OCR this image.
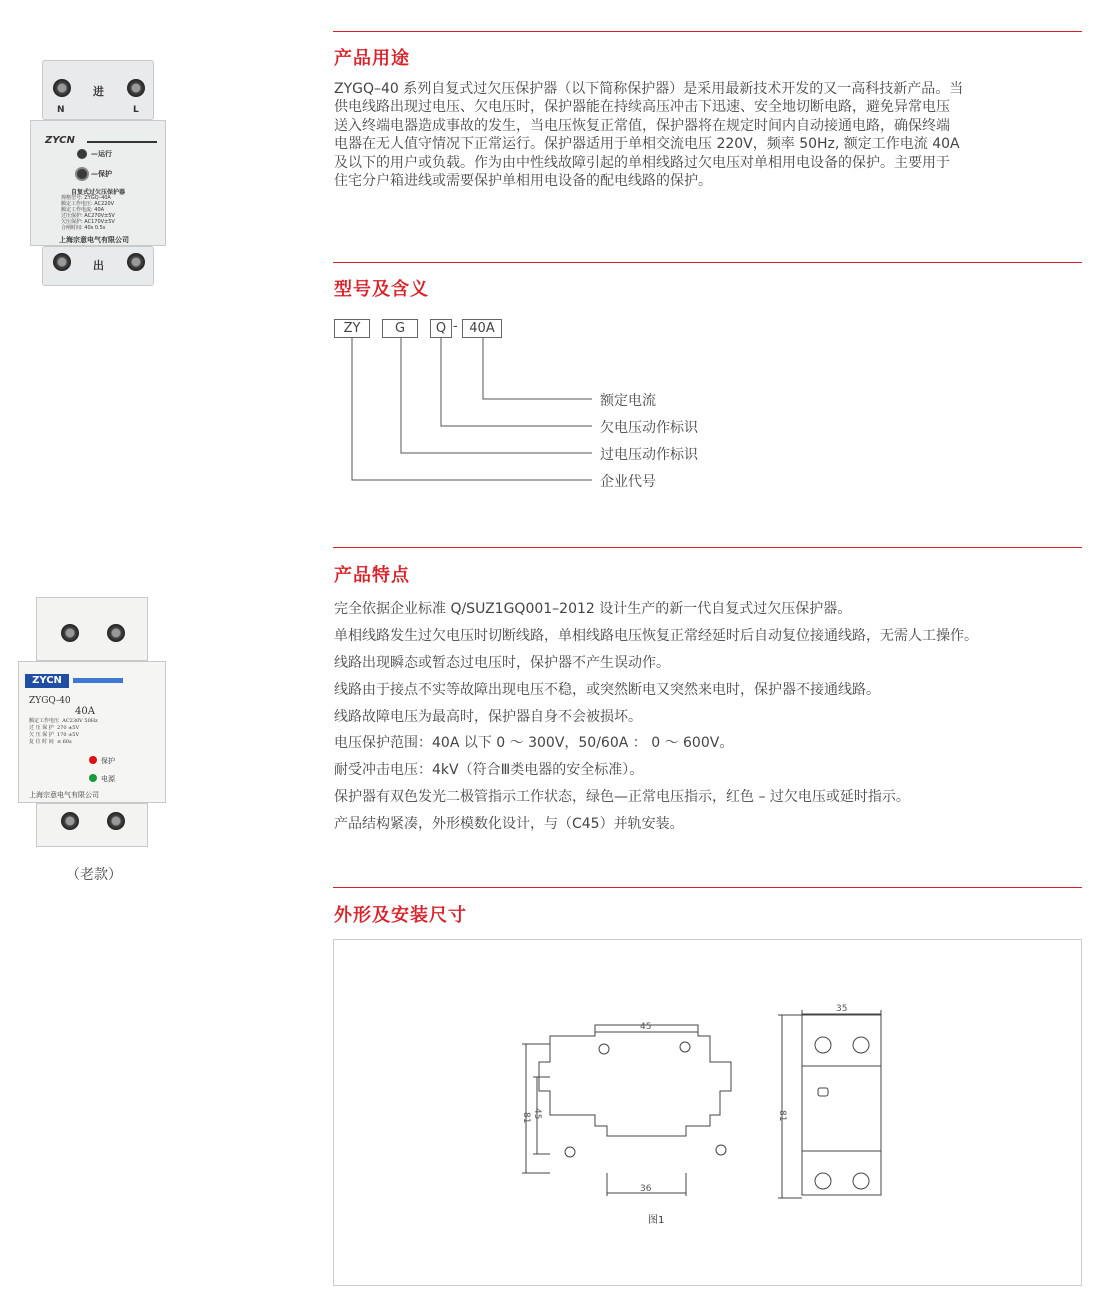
进
N	L
ZYCN
—运行
—保护
自复式过欠压保护器
规格型号: ZYGQ–40A
额定工作电压: AC220V
额定工作电流: 40A
过压保护: AC270V±5V
欠压保护: AC170V±5V
合闸时间: 40s 0.5s
上海宗意电气有限公司
出
ZYCN
ZYGQ-40
40A
额定工作电压 AC230V 50Hz
过 压 保 护 270 ±5V
欠 压 保 护 170 ±5V
复 位 时 间 ≤ 60s
保护
电源
上海宗意电气有限公司
（老款）
产品用途
ZYGQ–40 系列自复式过欠压保护器（以下简称保护器）是采用最新技术开发的又一高科技新产品。当
供电线路出现过电压、欠电压时，保护器能在持续高压冲击下迅速、安全地切断电路，避免异常电压
送入终端电器造成事故的发生，当电压恢复正常值，保护器将在规定时间内自动接通电路，确保终端
电器在无人值守情况下正常运行。保护器适用于单相交流电压 220V，频率 50Hz, 额定工作电流 40A
及以下的用户或负载。作为由中性线故障引起的单相线路过欠电压对单相用电设备的保护。主要用于
住宅分户箱进线或需要保护单相用电设备的配电线路的保护。
型号及含义
ZY	G	Q - 40A
额定电流
欠电压动作标识
过电压动作标识
企业代号
产品特点
完全依据企业标准 Q/SUZ1GQ001–2012 设计生产的新一代自复式过欠压保护器。
单相线路发生过欠电压时切断线路，单相线路电压恢复正常经延时后自动复位接通线路，无需人工操作。
线路出现瞬态或暂态过电压时，保护器不产生误动作。
线路由于接点不实等故障出现电压不稳，或突然断电又突然来电时，保护器不接通线路。
线路故障电压为最高时，保护器自身不会被损坏。
电压保护范围：40A 以下 0 ～ 300V，50/60A ： 0 ～ 600V。
耐受冲击电压：4kV（符合Ⅲ类电器的安全标准）。
保护器有双色发光二极管指示工作状态，绿色—正常电压指示，红色 – 过欠电压或延时指示。
产品结构紧凑，外形模数化设计，与（C45）并轨安装。
外形及安装尺寸
45
36
35
81 45	81
图1
